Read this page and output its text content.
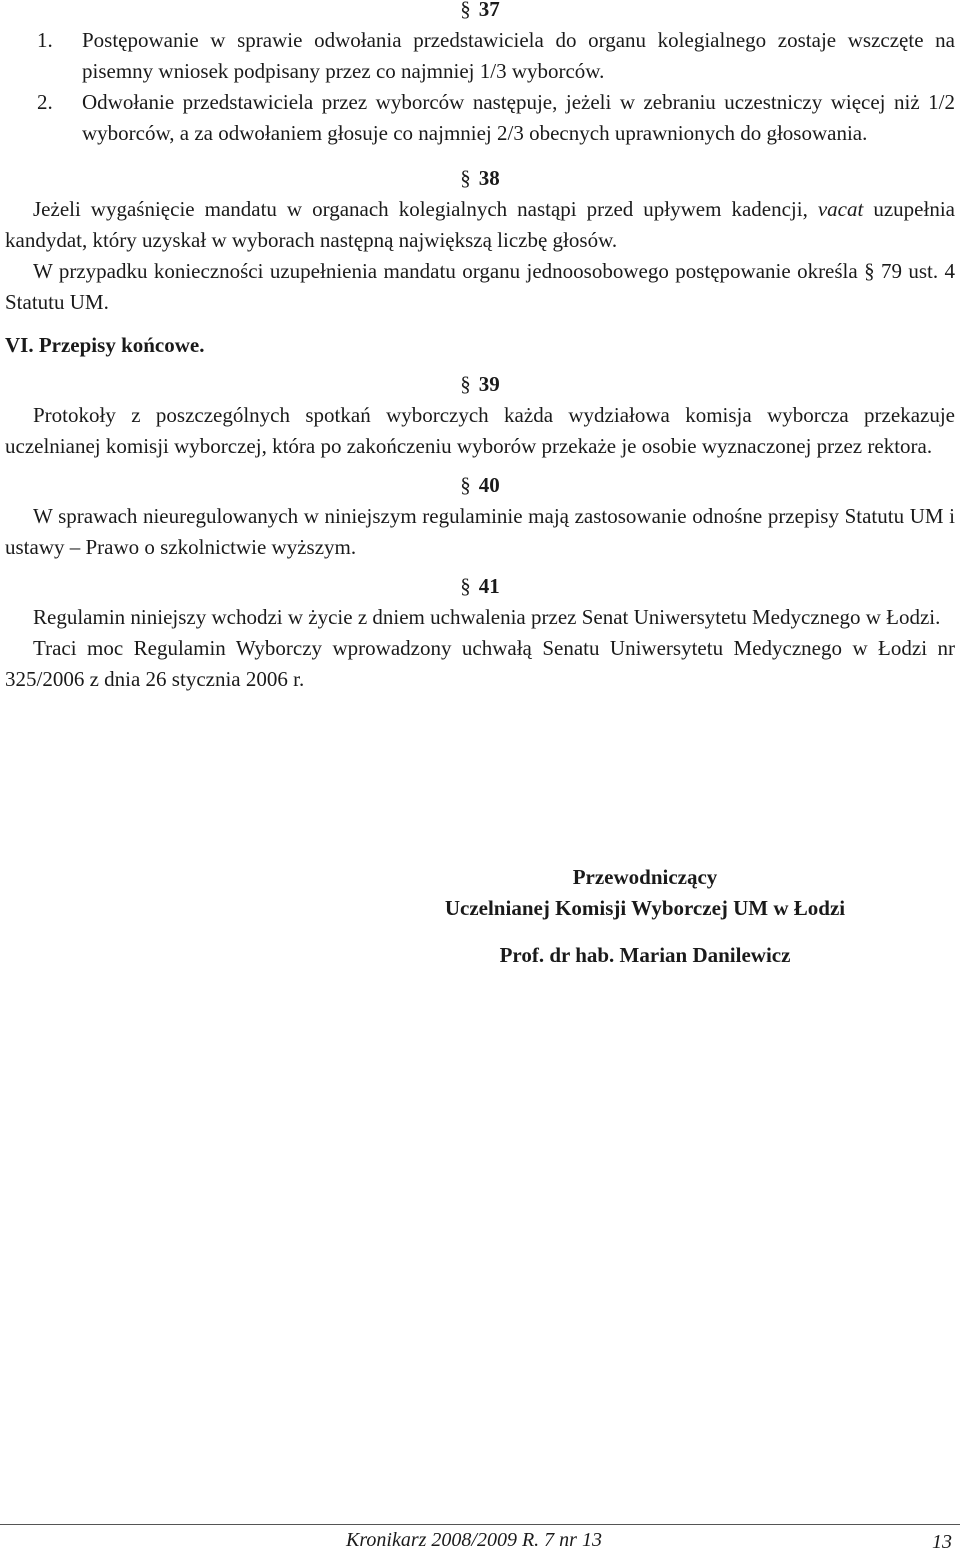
§ 37
1. Postępowanie w sprawie odwołania przedstawiciela do organu kolegialnego zostaje wszczęte na pisemny wniosek podpisany przez co najmniej 1/3 wyborców.
2. Odwołanie przedstawiciela przez wyborców następuje, jeżeli w zebraniu uczestniczy więcej niż 1/2 wyborców, a za odwołaniem głosuje co najmniej 2/3 obecnych uprawnionych do głosowania.
§ 38
Jeżeli wygaśnięcie mandatu w organach kolegialnych nastąpi przed upływem kadencji, vacat uzupełnia kandydat, który uzyskał w wyborach następną największą liczbę głosów.
W przypadku konieczności uzupełnienia mandatu organu jednoosobowego postępowanie określa § 79 ust. 4 Statutu UM.
VI. Przepisy końcowe.
§ 39
Protokoły z poszczególnych spotkań wyborczych każda wydziałowa komisja wyborcza przekazuje uczelnianej komisji wyborczej, która po zakończeniu wyborów przekaże je osobie wyznaczonej przez rektora.
§ 40
W sprawach nieuregulowanych w niniejszym regulaminie mają zastosowanie odnośne przepisy Statutu UM i ustawy – Prawo o szkolnictwie wyższym.
§ 41
Regulamin niniejszy wchodzi w życie z dniem uchwalenia przez Senat Uniwersytetu Medycznego w Łodzi.
Traci moc Regulamin Wyborczy wprowadzony uchwałą Senatu Uniwersytetu Medycznego w Łodzi nr 325/2006 z dnia 26 stycznia 2006 r.
Przewodniczący
Uczelnianej Komisji Wyborczej UM w Łodzi
Prof. dr hab. Marian Danilewicz
Kronikarz 2008/2009 R. 7 nr 13	13
